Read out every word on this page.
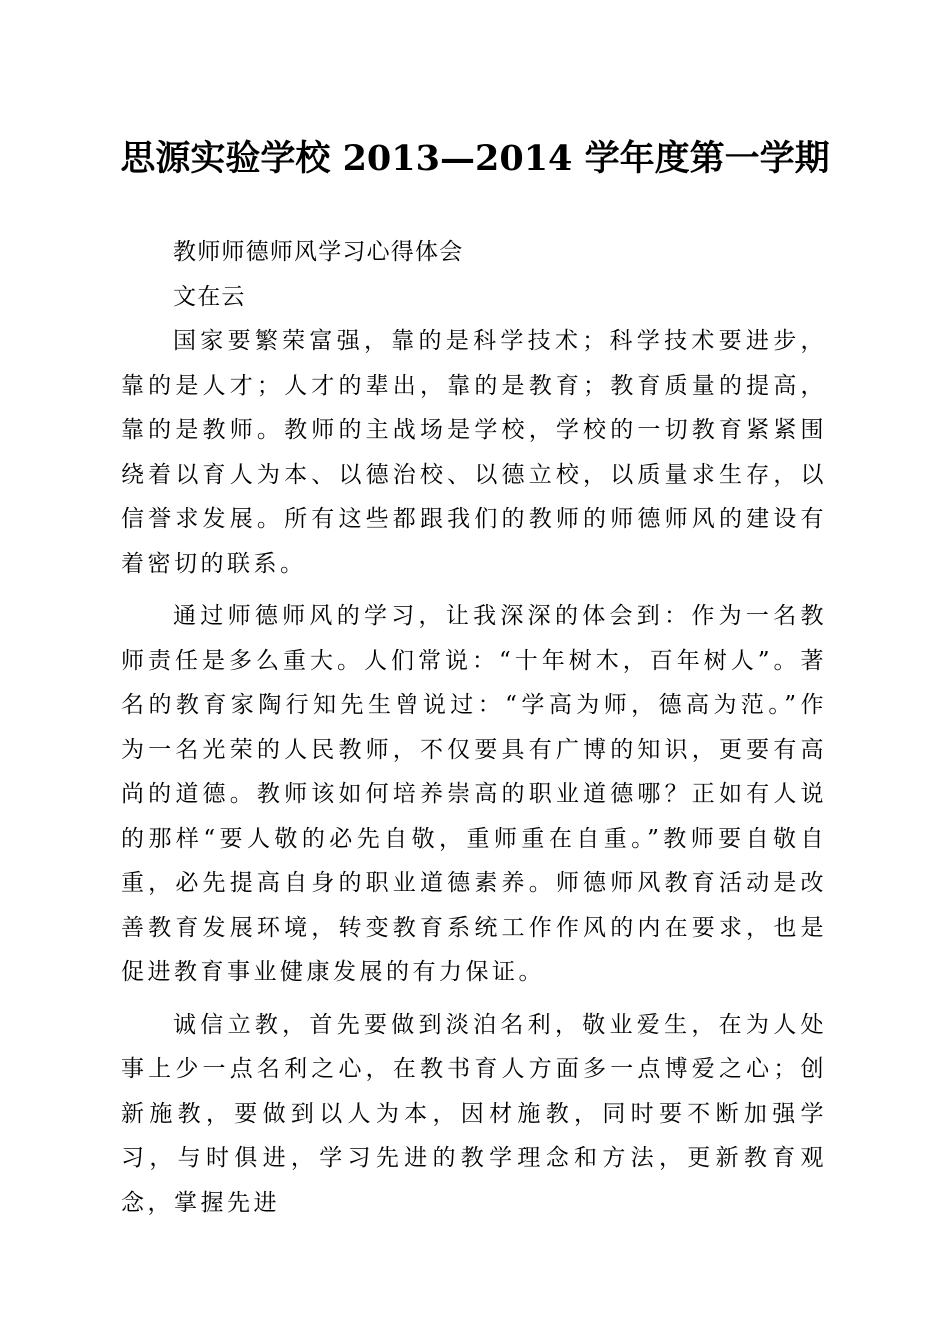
思源实验学校 2013—2014 学年度第一学期

教师师德师风学习心得体会

文在云

国家要繁荣富强，靠的是科学技术；科学技术要进步，靠的是人才；人才的辈出，靠的是教育；教育质量的提高，靠的是教师。教师的主战场是学校，学校的一切教育紧紧围绕着以育人为本、以德治校、以德立校，以质量求生存，以信誉求发展。所有这些都跟我们的教师的师德师风的建设有着密切的联系。

通过师德师风的学习，让我深深的体会到：作为一名教师责任是多么重大。人们常说：“十年树木，百年树人”。著名的教育家陶行知先生曾说过：“学高为师，德高为范。”作为一名光荣的人民教师，不仅要具有广博的知识，更要有高尚的道德。教师该如何培养崇高的职业道德哪？正如有人说的那样“要人敬的必先自敬，重师重在自重。”教师要自敬自重，必先提高自身的职业道德素养。师德师风教育活动是改善教育发展环境，转变教育系统工作作风的内在要求，也是促进教育事业健康发展的有力保证。

诚信立教，首先要做到淡泊名利，敬业爱生，在为人处事上少一点名利之心，在教书育人方面多一点博爱之心；创新施教，要做到以人为本，因材施教，同时要不断加强学习，与时俱进，学习先进的教学理念和方法，更新教育观念，掌握先进
